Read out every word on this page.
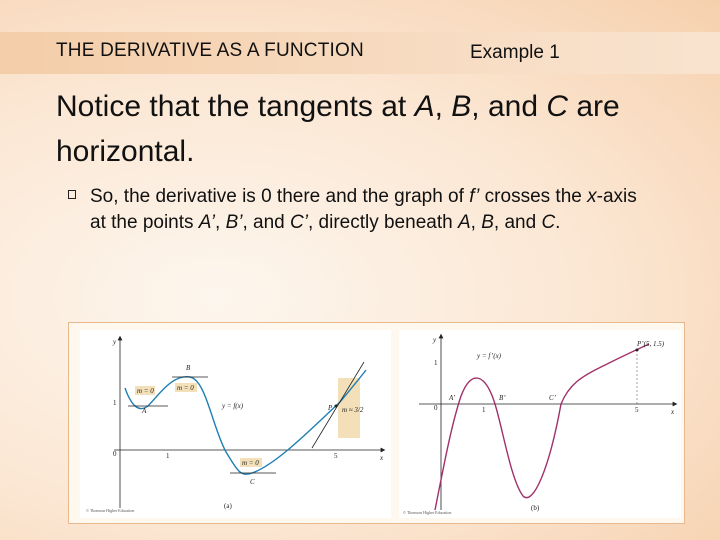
THE DERIVATIVE AS A FUNCTION	Example 1
Notice that the tangents at A, B, and C are horizontal.
So, the derivative is 0 there and the graph of f’ crosses the x-axis at the points A’, B’, and C’, directly beneath A, B, and C.
y
x
0
1
1	5
m = 0	m = 0
m = 0
m ≈ 3/2
A
B
C
P
y = f(x)
(a)
© Thomson Higher Education
y
x
0
1
1	5
A’	B’	C’
y = f’(x)
P’(5, 1.5)
(b)
© Thomson Higher Education
